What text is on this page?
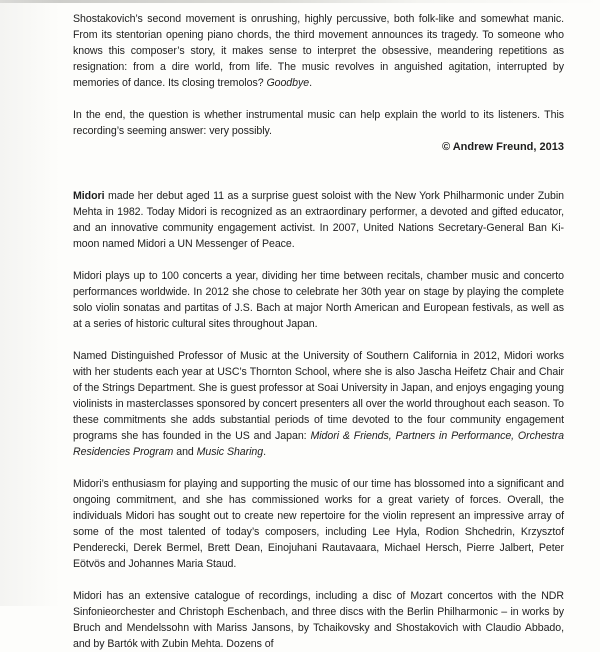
Shostakovich’s second movement is onrushing, highly percussive, both folk-like and somewhat manic. From its stentorian opening piano chords, the third movement announces its tragedy. To someone who knows this composer’s story, it makes sense to interpret the obsessive, meandering repetitions as resignation: from a dire world, from life. The music revolves in anguished agitation, interrupted by memories of dance. Its closing tremolos? Goodbye.

In the end, the question is whether instrumental music can help explain the world to its listeners. This recording’s seeming answer: very possibly.

© Andrew Freund, 2013

Midori made her debut aged 11 as a surprise guest soloist with the New York Philharmonic under Zubin Mehta in 1982. Today Midori is recognized as an extraordinary performer, a devoted and gifted educator, and an innovative community engagement activist. In 2007, United Nations Secretary-General Ban Ki-moon named Midori a UN Messenger of Peace.

Midori plays up to 100 concerts a year, dividing her time between recitals, chamber music and concerto performances worldwide. In 2012 she chose to celebrate her 30th year on stage by playing the complete solo violin sonatas and partitas of J.S. Bach at major North American and European festivals, as well as at a series of historic cultural sites throughout Japan.

Named Distinguished Professor of Music at the University of Southern California in 2012, Midori works with her students each year at USC’s Thornton School, where she is also Jascha Heifetz Chair and Chair of the Strings Department. She is guest professor at Soai University in Japan, and enjoys engaging young violinists in masterclasses sponsored by concert presenters all over the world throughout each season. To these commitments she adds substantial periods of time devoted to the four community engagement programs she has founded in the US and Japan: Midori & Friends, Partners in Performance, Orchestra Residencies Program and Music Sharing.

Midori’s enthusiasm for playing and supporting the music of our time has blossomed into a significant and ongoing commitment, and she has commissioned works for a great variety of forces. Overall, the individuals Midori has sought out to create new repertoire for the violin represent an impressive array of some of the most talented of today’s composers, including Lee Hyla, Rodion Shchedrin, Krzysztof Penderecki, Derek Bermel, Brett Dean, Einojuhani Rautavaara, Michael Hersch, Pierre Jalbert, Peter Eötvös and Johannes Maria Staud.

Midori has an extensive catalogue of recordings, including a disc of Mozart concertos with the NDR Sinfonieorchester and Christoph Eschenbach, and three discs with the Berlin Philharmonic – in works by Bruch and Mendelssohn with Mariss Jansons, by Tchaikovsky and Shostakovich with Claudio Abbado, and by Bartók with Zubin Mehta. Dozens of
